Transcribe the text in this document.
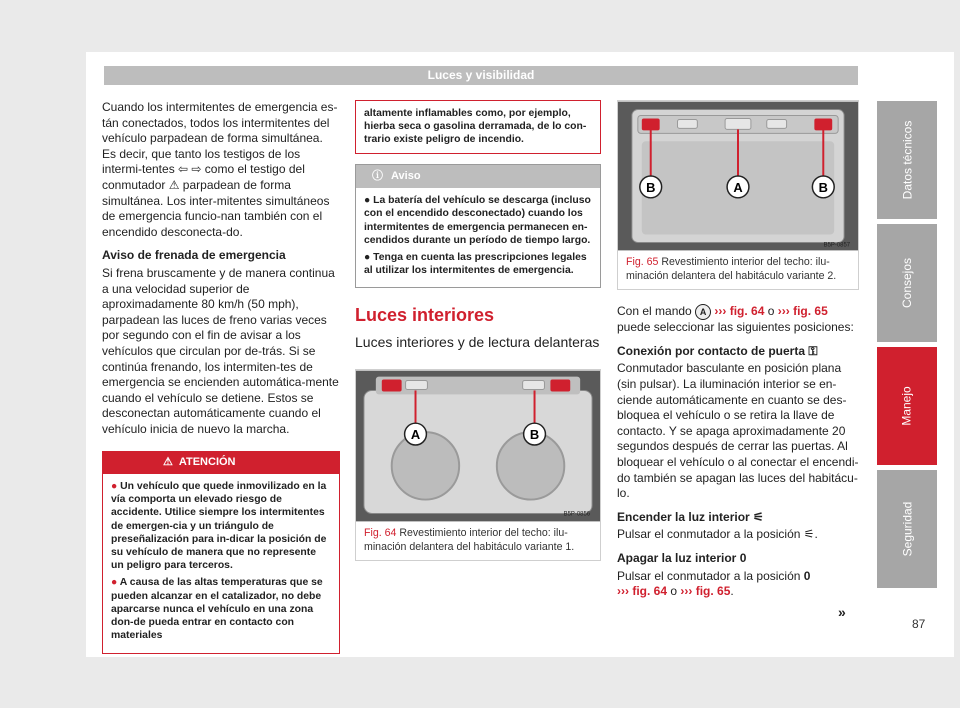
Luces y visibilidad

Cuando los intermitentes de emergencia es-tán conectados, todos los intermitentes del vehículo parpadean de forma simultánea. Es decir, que tanto los testigos de los intermi-tentes ⇦ ⇨ como el testigo del conmutador ⚠ parpadean de forma simultánea. Los inter-mitentes simultáneos de emergencia funcio-nan también con el encendido desconecta-do.

Aviso de frenada de emergencia

Si frena bruscamente y de manera continua a una velocidad superior de aproximadamente 80 km/h (50 mph), parpadean las luces de freno varias veces por segundo con el fin de avisar a los vehículos que circulan por de-trás. Si se continúa frenando, los intermiten-tes de emergencia se encienden automática-mente cuando el vehículo se detiene. Estos se desconectan automáticamente cuando el vehículo inicia de nuevo la marcha.

⚠ ATENCIÓN
● Un vehículo que quede inmovilizado en la vía comporta un elevado riesgo de accidente. Utilice siempre los intermitentes de emergen-cia y un triángulo de preseñalización para in-dicar la posición de su vehículo de manera que no represente un peligro para terceros.
● A causa de las altas temperaturas que se pueden alcanzar en el catalizador, no debe aparcarse nunca el vehículo en una zona don-de pueda entrar en contacto con materiales
altamente inflamables como, por ejemplo, hierba seca o gasolina derramada, de lo con-trario existe peligro de incendio.
ⓘ Aviso
● La batería del vehículo se descarga (incluso con el encendido desconectado) cuando los intermitentes de emergencia permanecen en-cendidos durante un período de tiempo largo.
● Tenga en cuenta las prescripciones legales al utilizar los intermitentes de emergencia.
Luces interiores
Luces interiores y de lectura delanteras
A	B
B5P-0856
Fig. 64 Revestimiento interior del techo: ilu-minación delantera del habitáculo variante 1.
B	A	B
B5P-0857
Fig. 65 Revestimiento interior del techo: ilu-minación delantera del habitáculo variante 2.

Con el mando A ››› fig. 64 o ››› fig. 65 puede seleccionar las siguientes posiciones:

Conexión por contacto de puerta ⚿

Conmutador basculante en posición plana (sin pulsar). La iluminación interior se en-ciende automáticamente en cuanto se des-bloquea el vehículo o se retira la llave de contacto. Y se apaga aproximadamente 20 segundos después de cerrar las puertas. Al bloquear el vehículo o al conectar el encendi-do también se apagan las luces del habitácu-lo.

Encender la luz interior ⚟

Pulsar el conmutador a la posición ⚟.

Apagar la luz interior 0

Pulsar el conmutador a la posición 0
››› fig. 64 o ››› fig. 65.

»
Datos técnicos
Consejos
Manejo
Seguridad
87
